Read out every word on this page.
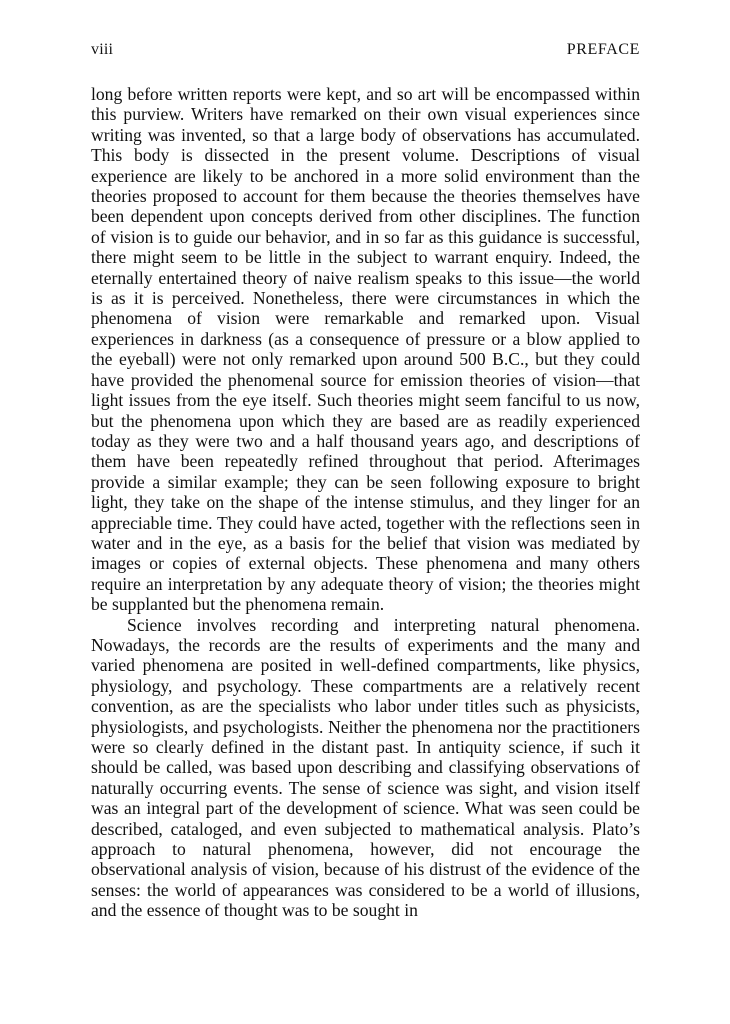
viii	PREFACE

long before written reports were kept, and so art will be encompassed within this purview. Writers have remarked on their own visual experiences since writing was invented, so that a large body of observations has accumulated. This body is dissected in the present volume. Descriptions of visual experience are likely to be anchored in a more solid environment than the theories proposed to account for them because the theories themselves have been dependent upon concepts derived from other disciplines. The function of vision is to guide our behavior, and in so far as this guidance is successful, there might seem to be little in the subject to warrant enquiry. Indeed, the eternally entertained theory of naive realism speaks to this issue—the world is as it is perceived. Nonetheless, there were circumstances in which the phenomena of vision were remarkable and remarked upon. Visual experiences in darkness (as a consequence of pressure or a blow applied to the eyeball) were not only remarked upon around 500 B.C., but they could have provided the phenomenal source for emission theories of vision—that light issues from the eye itself. Such theories might seem fanciful to us now, but the phenomena upon which they are based are as readily experienced today as they were two and a half thousand years ago, and descriptions of them have been repeatedly refined throughout that period. Afterimages provide a similar example; they can be seen following exposure to bright light, they take on the shape of the intense stimulus, and they linger for an appreciable time. They could have acted, together with the reflections seen in water and in the eye, as a basis for the belief that vision was mediated by images or copies of external objects. These phenomena and many others require an interpretation by any adequate theory of vision; the theories might be supplanted but the phenomena remain.

Science involves recording and interpreting natural phenomena. Nowadays, the records are the results of experiments and the many and varied phenomena are posited in well-defined compartments, like physics, physiology, and psychology. These compartments are a relatively recent convention, as are the specialists who labor under titles such as physicists, physiologists, and psychologists. Neither the phenomena nor the practitioners were so clearly defined in the distant past. In antiquity science, if such it should be called, was based upon describing and classifying observations of naturally occurring events. The sense of science was sight, and vision itself was an integral part of the development of science. What was seen could be described, cataloged, and even subjected to mathematical analysis. Plato’s approach to natural phenomena, however, did not encourage the observational analysis of vision, because of his distrust of the evidence of the senses: the world of appearances was considered to be a world of illusions, and the essence of thought was to be sought in
